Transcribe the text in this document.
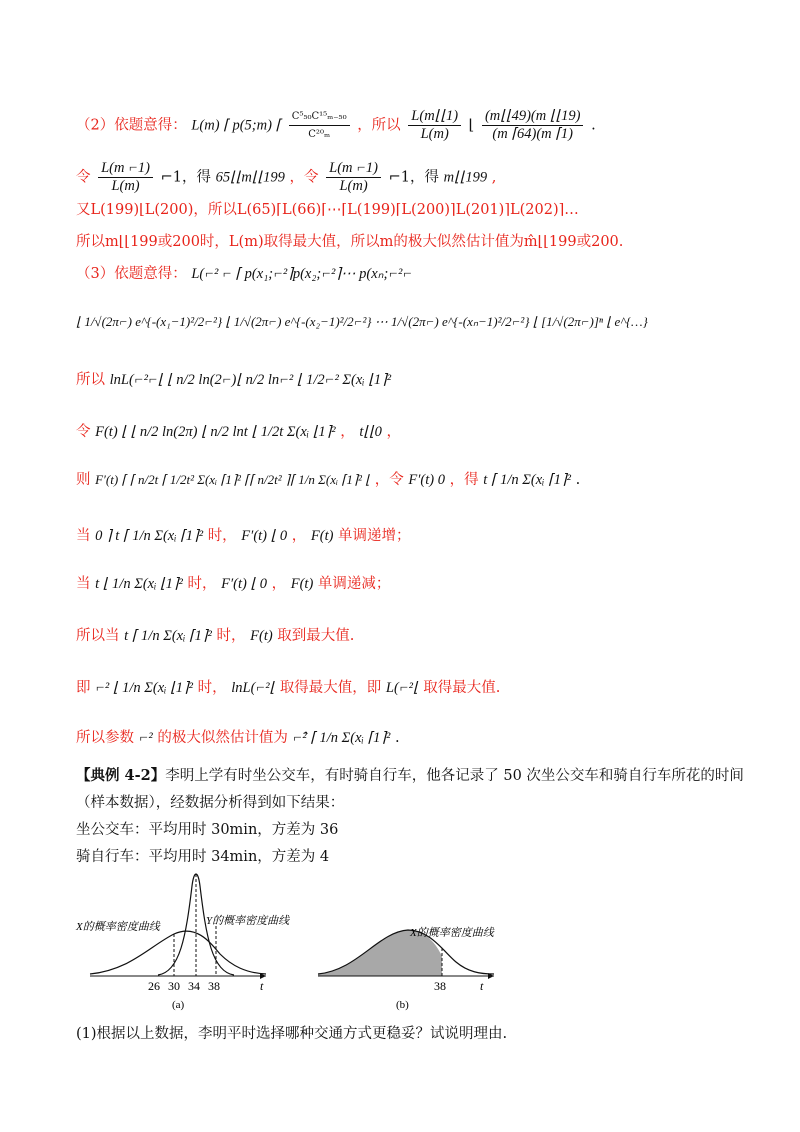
（2）依题意得： L(m) ⌈ p(5;m) ⌈ $\frac{\text{C⁵₅₀C¹⁵ₘ₋₅₀}}{\text{C²⁰ₘ}}$ ，所以 $\frac{L(m⌊⌊1)}{L(m)}$ ⌊ $\frac{(m⌊⌊49)(m ⌊⌊19)}{(m ⌈64)(m ⌈1)}$ .
令 $\frac{L(m ⌐1)}{L(m)}$ ⌐1，得 65⌊⌊m⌊⌊199 ，令 $\frac{L(m ⌐1)}{L(m)}$ ⌐1，得 m⌊⌊199 ,
又L(199)⌊L(200)，所以L(65)⌈L(66)⌈⋯⌈L(199)⌈L(200)⌉L(201)⌉L(202)⌉…
所以m⌊⌊199或200时，L(m)取得最大值，所以m的极大似然估计值为m̂⌊⌊199或200.
（3）依题意得： L(⌐² ⌐ ⌈ p(x₁;⌐²⌉p(x₂;⌐²⌉⋯ p(xₙ;⌐²⌐
⌊ 1/√(2π⌐) e^{-(x₁−1)²/2⌐²} ⌊ 1/√(2π⌐) e^{-(x₂−1)²/2⌐²} ⋯ 1/√(2π⌐) e^{-(xₙ−1)²/2⌐²} ⌊ [1/√(2π⌐)]ⁿ ⌊ e^{…}
所以 lnL(⌐²⌐⌊ ⌊ n/2 ln(2⌐)⌊ n/2 ln⌐² ⌊ 1/2⌐² Σ(xᵢ ⌊1⌉²
令 F(t) ⌊ ⌊ n/2 ln(2π) ⌊ n/2 lnt ⌊ 1/2t Σ(xᵢ ⌊1⌉² ， t⌊⌊0 ，
则 F′(t) ⌈ ⌈ n/2t ⌈ 1/2t² Σ(xᵢ ⌈1⌉² ⌈⌈ n/2t² ⌉⌈ 1/n Σ(xᵢ ⌈1⌉² ⌊ ，令 F′(t) 0 ，得 t ⌈ 1/n Σ(xᵢ ⌈1⌉² .
当 0 ⌉ t ⌈ 1/n Σ(xᵢ ⌈1⌉² 时， F′(t) ⌊ 0 ， F(t) 单调递增；
当 t ⌊ 1/n Σ(xᵢ ⌊1⌉² 时， F′(t) ⌊ 0 ， F(t) 单调递减；
所以当 t ⌈ 1/n Σ(xᵢ ⌈1⌉² 时， F(t) 取到最大值.
即 ⌐² ⌊ 1/n Σ(xᵢ ⌊1⌉² 时， lnL(⌐²⌊ 取得最大值，即 L(⌐²⌊ 取得最大值.
所以参数 ⌐² 的极大似然估计值为 ⌐̂² ⌈ 1/n Σ(xᵢ ⌈1⌉² .
【典例 4-2】李明上学有时坐公交车，有时骑自行车，他各记录了 50 次坐公交车和骑自行车所花的时间
（样本数据），经数据分析得到如下结果：
坐公交车：平均用时 30min，方差为 36
骑自行车：平均用时 34min，方差为 4
X的概率密度曲线	Y的概率密度曲线
26 30 34 38	t
(a)
X的概率密度曲线
38	t
(b)
(1)根据以上数据，李明平时选择哪种交通方式更稳妥？试说明理由.
